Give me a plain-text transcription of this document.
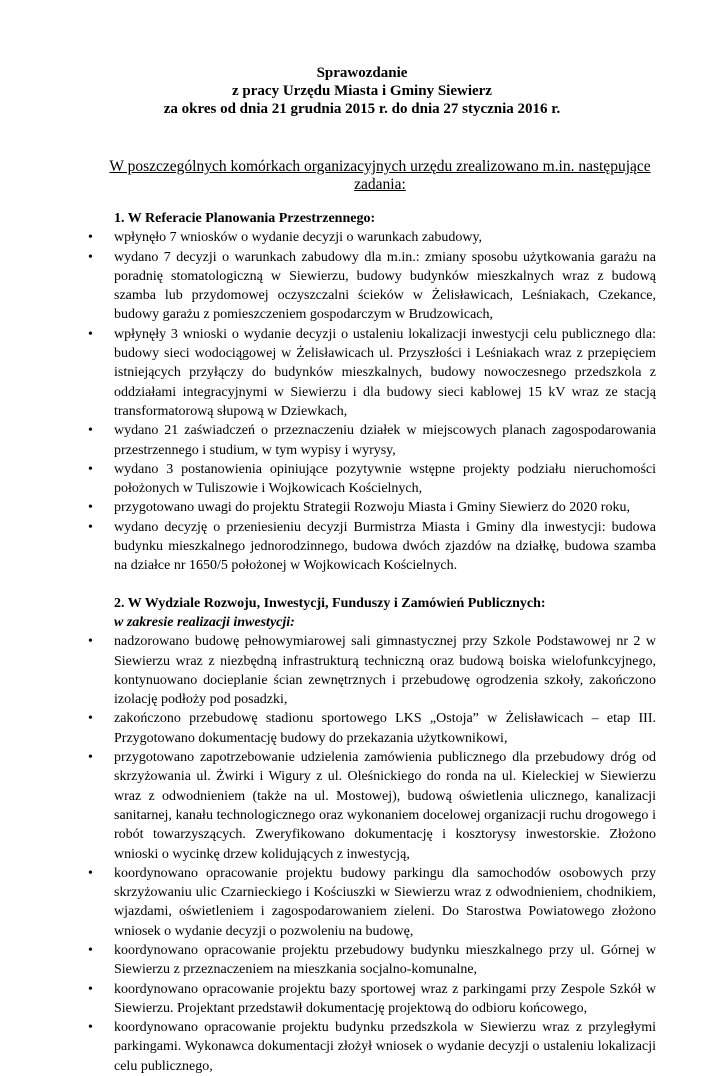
Sprawozdanie
z pracy Urzędu Miasta i Gminy Siewierz
za okres od dnia 21 grudnia 2015 r. do dnia 27 stycznia 2016 r.
W poszczególnych komórkach organizacyjnych urzędu zrealizowano m.in. następujące zadania:
1. W Referacie Planowania Przestrzennego:
• wpłynęło 7 wniosków o wydanie decyzji o warunkach zabudowy,
• wydano 7 decyzji o warunkach zabudowy dla m.in.: zmiany sposobu użytkowania garażu na poradnię stomatologiczną w Siewierzu, budowy budynków mieszkalnych wraz z budową szamba lub przydomowej oczyszczalni ścieków w Żelisławicach, Leśniakach, Czekance, budowy garażu z pomieszczeniem gospodarczym w Brudzowicach,
• wpłynęły 3 wnioski o wydanie decyzji o ustaleniu lokalizacji inwestycji celu publicznego dla: budowy sieci wodociągowej w Żelisławicach ul. Przyszłości i Leśniakach wraz z przepięciem istniejących przyłączy do budynków mieszkalnych, budowy nowoczesnego przedszkola z oddziałami integracyjnymi w Siewierzu i dla budowy sieci kablowej 15 kV wraz ze stacją transformatorową słupową w Dziewkach,
• wydano 21 zaświadczeń o przeznaczeniu działek w miejscowych planach zagospodarowania przestrzennego i studium, w tym wypisy i wyrysy,
• wydano 3 postanowienia opiniujące pozytywnie wstępne projekty podziału nieruchomości położonych w Tuliszowie i Wojkowicach Kościelnych,
• przygotowano uwagi do projektu Strategii Rozwoju Miasta i Gminy Siewierz do 2020 roku,
• wydano decyzję o przeniesieniu decyzji Burmistrza Miasta i Gminy dla inwestycji: budowa budynku mieszkalnego jednorodzinnego, budowa dwóch zjazdów na działkę, budowa szamba na działce nr 1650/5 położonej w Wojkowicach Kościelnych.
2. W Wydziale Rozwoju, Inwestycji, Funduszy i Zamówień Publicznych:
w zakresie realizacji inwestycji:
• nadzorowano budowę pełnowymiarowej sali gimnastycznej przy Szkole Podstawowej nr 2 w Siewierzu wraz z niezbędną infrastrukturą techniczną oraz budową boiska wielofunkcyjnego, kontynuowano docieplanie ścian zewnętrznych i przebudowę ogrodzenia szkoły, zakończono izolację podłoży pod posadzki,
• zakończono przebudowę stadionu sportowego LKS „Ostoja” w Żelisławicach – etap III. Przygotowano dokumentację budowy do przekazania użytkownikowi,
• przygotowano zapotrzebowanie udzielenia zamówienia publicznego dla przebudowy dróg od skrzyżowania ul. Żwirki i Wigury z ul. Oleśnickiego do ronda na ul. Kieleckiej w Siewierzu wraz z odwodnieniem (także na ul. Mostowej), budową oświetlenia ulicznego, kanalizacji sanitarnej, kanału technologicznego oraz wykonaniem docelowej organizacji ruchu drogowego i robót towarzyszących. Zweryfikowano dokumentację i kosztorysy inwestorskie. Złożono wnioski o wycinkę drzew kolidujących z inwestycją,
• koordynowano opracowanie projektu budowy parkingu dla samochodów osobowych przy skrzyżowaniu ulic Czarnieckiego i Kościuszki w Siewierzu wraz z odwodnieniem, chodnikiem, wjazdami, oświetleniem i zagospodarowaniem zieleni. Do Starostwa Powiatowego złożono wniosek o wydanie decyzji o pozwoleniu na budowę,
• koordynowano opracowanie projektu przebudowy budynku mieszkalnego przy ul. Górnej w Siewierzu z przeznaczeniem na mieszkania socjalno-komunalne,
• koordynowano opracowanie projektu bazy sportowej wraz z parkingami przy Zespole Szkół w Siewierzu. Projektant przedstawił dokumentację projektową do odbioru końcowego,
• koordynowano opracowanie projektu budynku przedszkola w Siewierzu wraz z przyległymi parkingami. Wykonawca dokumentacji złożył wniosek o wydanie decyzji o ustaleniu lokalizacji celu publicznego,
